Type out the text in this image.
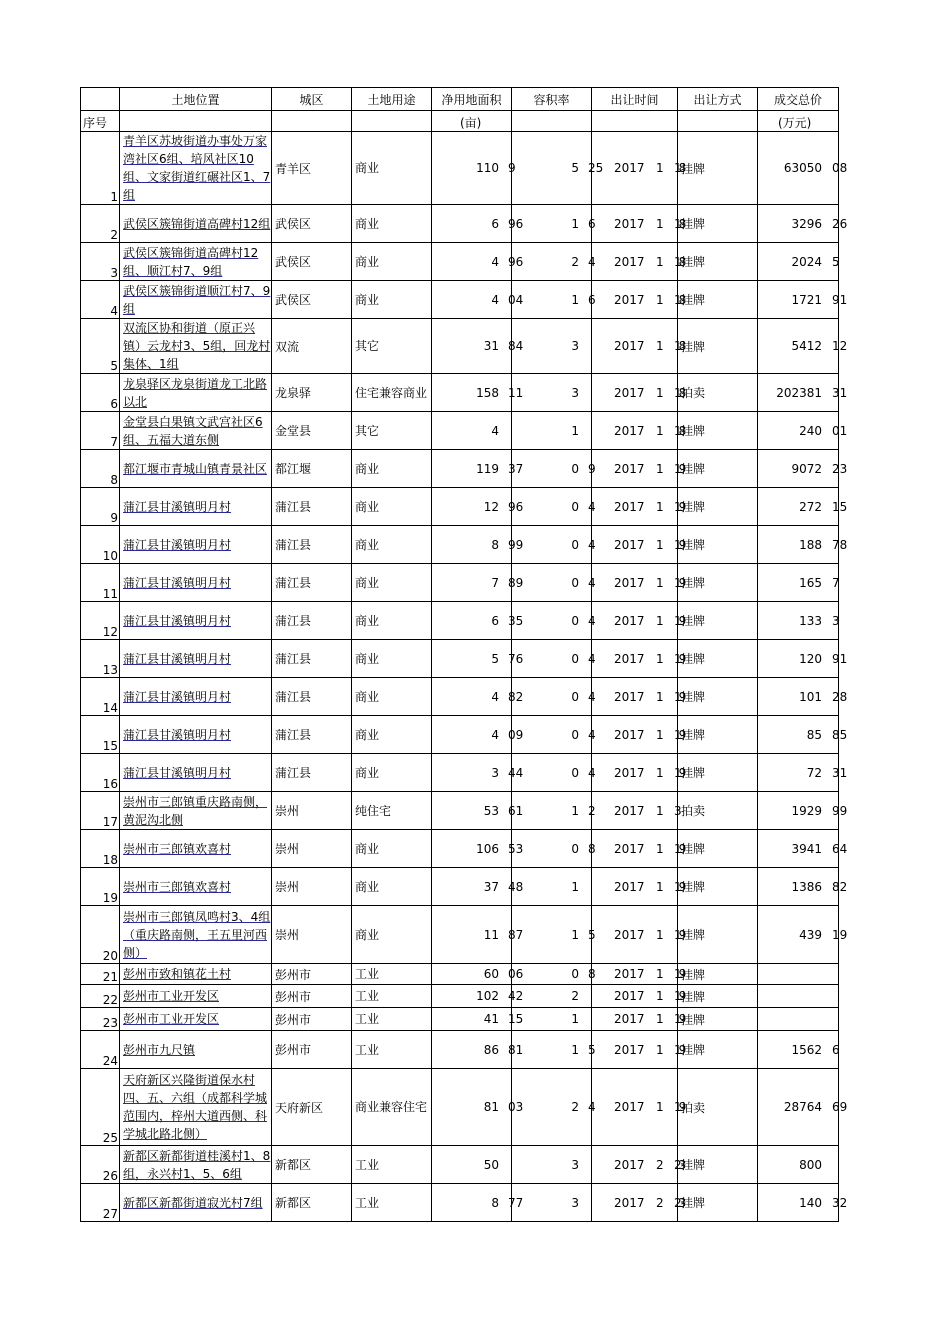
	土地位置	城区	土地用途	净用地面积	容积率	出让时间	出让方式	成交总价
序号				(亩)				(万元)
1	青羊区苏坡街道办事处万家湾社区6组、培风社区10组、文家街道红碾社区1、7组	青羊区	商业	110 9	5 25	2017 1 18	挂牌	63050 08

2	武侯区簇锦街道高碑村12组	武侯区	商业	6 96	1 6	2017 1 18	挂牌	3296 26

3	武侯区簇锦街道高碑村12组、顺江村7、9组	武侯区	商业	4 96	2 4	2017 1 18	挂牌	2024 5

4	武侯区簇锦街道顺江村7、9组	武侯区	商业	4 04	1 6	2017 1 18	挂牌	1721 91

5	双流区协和街道（原正兴镇）云龙村3、5组，回龙村集体、1组	双流	其它	31 84	3	2017 1 18	挂牌	5412 12

6	龙泉驿区龙泉街道龙工北路以北	龙泉驿	住宅兼容商业	158 11	3	2017 1 18	拍卖	202381 31

7	金堂县白果镇文武宫社区6组、五福大道东侧	金堂县	其它	4	1	2017 1 18	挂牌	240 01

8	都江堰市青城山镇青景社区	都江堰	商业	119 37	0 9	2017 1 19	挂牌	9072 23

9	蒲江县甘溪镇明月村	蒲江县	商业	12 96	0 4	2017 1 19	挂牌	272 15

10	蒲江县甘溪镇明月村	蒲江县	商业	8 99	0 4	2017 1 19	挂牌	188 78

11	蒲江县甘溪镇明月村	蒲江县	商业	7 89	0 4	2017 1 19	挂牌	165 7

12	蒲江县甘溪镇明月村	蒲江县	商业	6 35	0 4	2017 1 19	挂牌	133 3

13	蒲江县甘溪镇明月村	蒲江县	商业	5 76	0 4	2017 1 19	挂牌	120 91

14	蒲江县甘溪镇明月村	蒲江县	商业	4 82	0 4	2017 1 19	挂牌	101 28

15	蒲江县甘溪镇明月村	蒲江县	商业	4 09	0 4	2017 1 19	挂牌	85 85

16	蒲江县甘溪镇明月村	蒲江县	商业	3 44	0 4	2017 1 19	挂牌	72 31

17	崇州市三郎镇重庆路南侧，黄泥沟北侧	崇州	纯住宅	53 61	1 2	2017 1 3	拍卖	1929 99

18	崇州市三郎镇欢喜村	崇州	商业	106 53	0 8	2017 1 19	挂牌	3941 64

19	崇州市三郎镇欢喜村	崇州	商业	37 48	1	2017 1 19	挂牌	1386 82

20	崇州市三郎镇凤鸣村3、4组（重庆路南侧，王五里河西侧）	崇州	商业	11 87	1 5	2017 1 19	挂牌	439 19

21	彭州市致和镇花土村	彭州市	工业	60 06	0 8	2017 1 19	挂牌	

22	彭州市工业开发区	彭州市	工业	102 42	2	2017 1 19	挂牌	

23	彭州市工业开发区	彭州市	工业	41 15	1	2017 1 19	挂牌	

24	彭州市九尺镇	彭州市	工业	86 81	1 5	2017 1 19	挂牌	1562 6

25	天府新区兴隆街道保水村四、五、六组（成都科学城范围内，梓州大道西侧、科学城北路北侧）	天府新区	商业兼容住宅	81 03	2 4	2017 1 19	拍卖	28764 69

26	新都区新都街道桂溪村1、8组，永兴村1、5、6组	新都区	工业	50	3	2017 2 23	挂牌	800

27	新都区新都街道寂光村7组	新都区	工业	8 77	3	2017 2 23	挂牌	140 32
